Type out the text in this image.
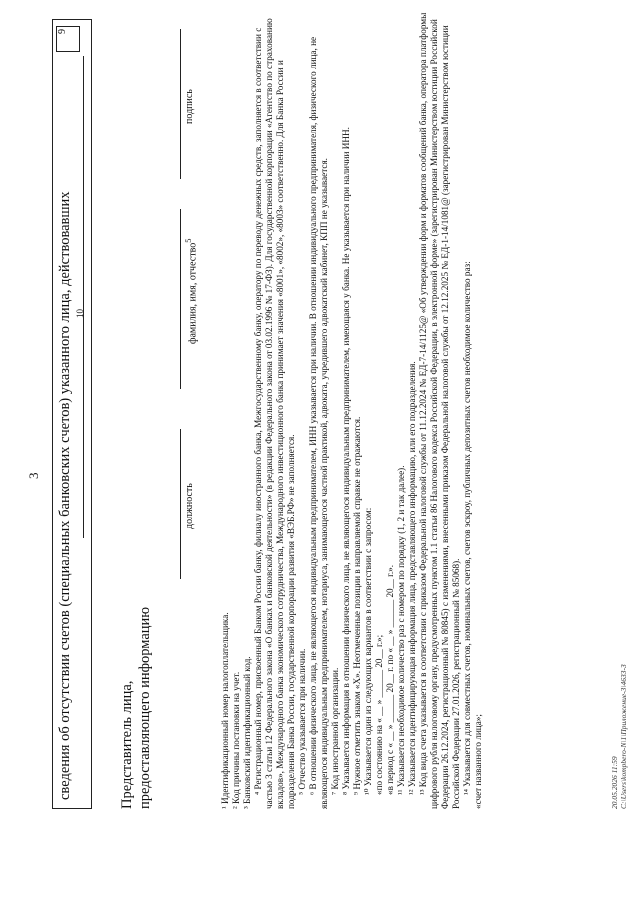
3 сведения об отсутствии счетов (специальных банковских счетов) указанного лица, действовавших
9
10
Представитель лица, предоставляющего информацию
должность
фамилия, имя, отчество$^5$
подпись
¹ Идентификационный номер налогоплательщика. ² Код причины постановки на учет. ³ Банковский идентификационный код. ⁴ Регистрационный номер, присвоенный Банком России банку, филиалу иностранного банка, Межгосударственному банку, оператору по переводу денежных средств, заполняется в соответствии с частью 3 статьи 12 Федерального закона «О банках и банковской деятельности» (в редакции Федерального закона от 03.02.1996 № 17-ФЗ). Для государственной корпорации «Агентство по страхованию вкладов», Международного банка экономического сотрудничества, Международного инвестиционного банка принимает значения «8001», «8002», «8003» соответственно. Для Банка России и подразделения Банка России, государственной корпорации развития «ВЭБ.РФ» не заполняется. ⁵ Отчество указывается при наличии. ⁶ В отношении физического лица, не являющегося индивидуальным предпринимателем, ИНН указывается при наличии. В отношении индивидуального предпринимателя, физического лица, не являющегося индивидуальным предпринимателем, нотариуса, занимающегося частной практикой, адвоката, учредившего адвокатский кабинет, КПП не указывается. ⁷ Код иностранной организации. ⁸ Указывается информация в отношении физического лица, не являющегося индивидуальным предпринимателем, имеющаяся у банка. Не указывается при наличии ИНН. ⁹ Нужное отметить знаком «Х». Неотмеченные позиции в направляемой справке не отражаются. ¹⁰ Указывается один из следующих вариантов в соответствии с запросом: «по состоянию на « __ » ______ 20__ г.»; «в период с « __ » ______ 20__ г. по « __ » ______ 20__ г.». ¹¹ Указывается необходимое количество раз с номером по порядку (1, 2 и так далее). ¹² Указывается идентифицирующая информация лица, представляющего информацию, или его подразделения. ¹³ Код вида счета указывается в соответствии с приказом Федеральной налоговой службы от 11.12.2024 № ЕД-7-14/1125@ «Об утверждении форм и форматов сообщений банка, оператора платформы цифрового рубля налоговому органу, предусмотренных пунктом 1.1 статьи 86 Налогового кодекса Российской Федерации, в электронной форме» (зарегистрирован Министерством юстиции Российской Федерации 26.12.2024, регистрационный № 80845) с изменениями, внесенными приказом Федеральной налоговой службы от 12.12.2025 № ЕД-1-14/1081@ (зарегистрирован Министерством юстиции Российской Федерации 27.01.2026, регистрационный № 85068). ¹⁴ Указывается для совместных счетов, номинальных счетов, счетов эскроу, публичных депозитных счетов необходимое количество раз: «счет названного лица»;	20.05.2026 11:59 С:\Users\kompbero-N\1\Приложение-3\4633-3
